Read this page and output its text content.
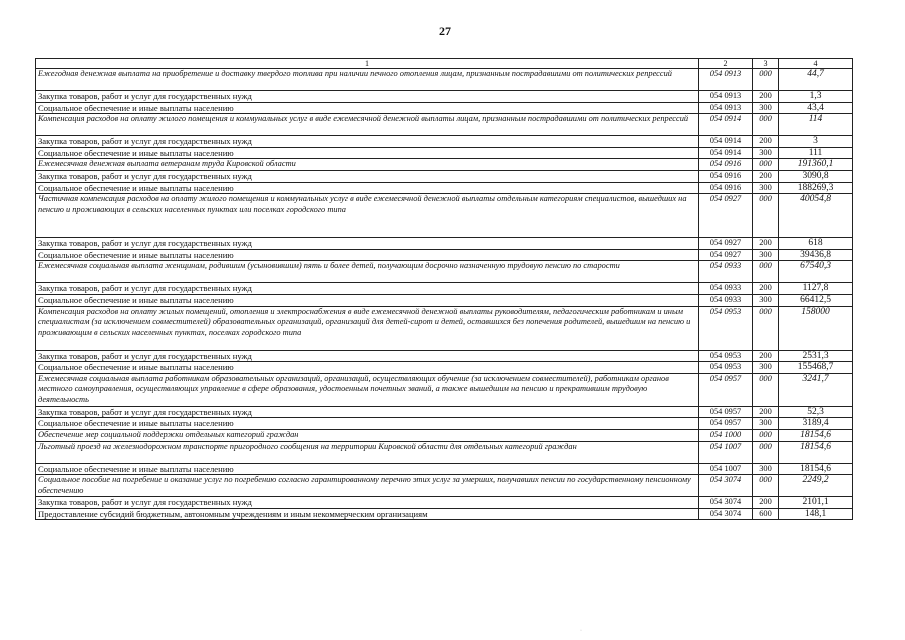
27
1	2	3	4
Ежегодная денежная выплата на приобретение и доставку твердого топлива при наличии печного отопления лицам, признанным пострадавшими от политических репрессий	054 0913	000	44,7
Закупка товаров, работ и услуг для государственных нужд	054 0913	200	1,3
Социальное обеспечение и иные выплаты населению	054 0913	300	43,4
Компенсация расходов на оплату жилого помещения и коммунальных услуг в виде ежемесячной денежной выплаты лицам, признанным пострадавшими от политических репрессий	054 0914	000	114
Закупка товаров, работ и услуг для государственных нужд	054 0914	200	3
Социальное обеспечение и иные выплаты населению	054 0914	300	111
Ежемесячная денежная выплата ветеранам труда Кировской области	054 0916	000	191360,1
Закупка товаров, работ и услуг для государственных нужд	054 0916	200	3090,8
Социальное обеспечение и иные выплаты населению	054 0916	300	188269,3
Частичная компенсация расходов на оплату жилого помещения и коммунальных услуг в виде ежемесячной денежной выплаты отдельным категориям специалистов, вышедших на пенсию и проживающих в сельских населенных пунктах или поселках городского типа	054 0927	000	40054,8
Закупка товаров, работ и услуг для государственных нужд	054 0927	200	618
Социальное обеспечение и иные выплаты населению	054 0927	300	39436,8
Ежемесячная социальная выплата женщинам, родившим (усыновившим) пять и более детей, получающим досрочно назначенную трудовую пенсию по старости	054 0933	000	67540,3
Закупка товаров, работ и услуг для государственных нужд	054 0933	200	1127,8
Социальное обеспечение и иные выплаты населению	054 0933	300	66412,5
Компенсация расходов на оплату жилых помещений, отопления и электроснабжения в виде ежемесячной денежной выплаты руководителям, педагогическим работникам и иным специалистам (за исключением совместителей) образовательных организаций, организаций для детей-сирот и детей, оставшихся без попечения родителей, вышедшим на пенсию и проживающим в сельских населенных пунктах, поселках городского типа	054 0953	000	158000
Закупка товаров, работ и услуг для государственных нужд	054 0953	200	2531,3
Социальное обеспечение и иные выплаты населению	054 0953	300	155468,7
Ежемесячная социальная выплата работникам образовательных организаций, организаций, осуществляющих обучение (за исключением совместителей), работникам органов местного самоуправления, осуществляющих управление в сфере образования, удостоенным почетных званий, а также вышедшим на пенсию и прекратившим трудовую деятельность	054 0957	000	3241,7
Закупка товаров, работ и услуг для государственных нужд	054 0957	200	52,3
Социальное обеспечение и иные выплаты населению	054 0957	300	3189,4
Обеспечение мер социальной поддержки отдельных категорий граждан	054 1000	000	18154,6
Льготный проезд на железнодорожном транспорте пригородного сообщения на территории Кировской области для отдельных категорий граждан	054 1007	000	18154,6
Социальное обеспечение и иные выплаты населению	054 1007	300	18154,6
Социальное пособие на погребение и оказание услуг по погребению согласно гарантированному перечню этих услуг за умерших, получавших пенсии по государственному пенсионному обеспечению	054 3074	000	2249,2
Закупка товаров, работ и услуг для государственных нужд	054 3074	200	2101,1
Предоставление субсидий бюджетным, автономным учреждениям и иным некоммерческим организациям	054 3074	600	148,1
·
